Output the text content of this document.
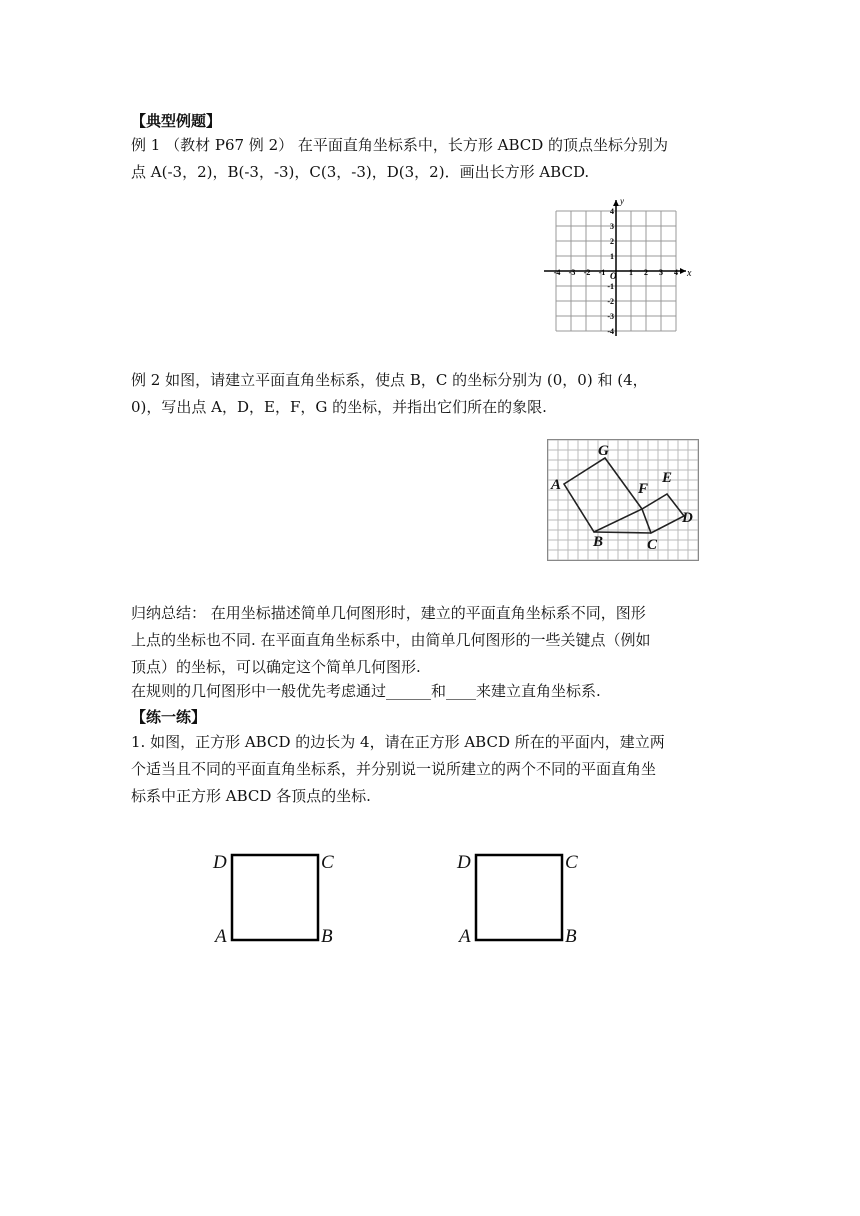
【典型例题】
例 1 （教材 P67 例 2） 在平面直角坐标系中，长方形 ABCD 的顶点坐标分别为
点 A(-3，2)，B(-3，-3)，C(3，-3)，D(3，2)．画出长方形 ABCD.
x
y
O
-4 -3 -2 -1	1 2 3 4
4
3
2
1
-1
-2
-3
-4
例 2 如图，请建立平面直角坐标系，使点 B，C 的坐标分别为 (0，0) 和 (4，
0)，写出点 A，D，E，F，G 的坐标，并指出它们所在的象限.
A
G
F
E
D
B	C
归纳总结： 在用坐标描述简单几何图形时，建立的平面直角坐标系不同，图形
上点的坐标也不同. 在平面直角坐标系中，由简单几何图形的一些关键点（例如
顶点）的坐标，可以确定这个简单几何图形.
在规则的几何图形中一般优先考虑通过______和____来建立直角坐标系.
【练一练】
1. 如图，正方形 ABCD 的边长为 4，请在正方形 ABCD 所在的平面内，建立两
个适当且不同的平面直角坐标系，并分别说一说所建立的两个不同的平面直角坐
标系中正方形 ABCD 各顶点的坐标.
D	C
A	B
D	C
A	B
